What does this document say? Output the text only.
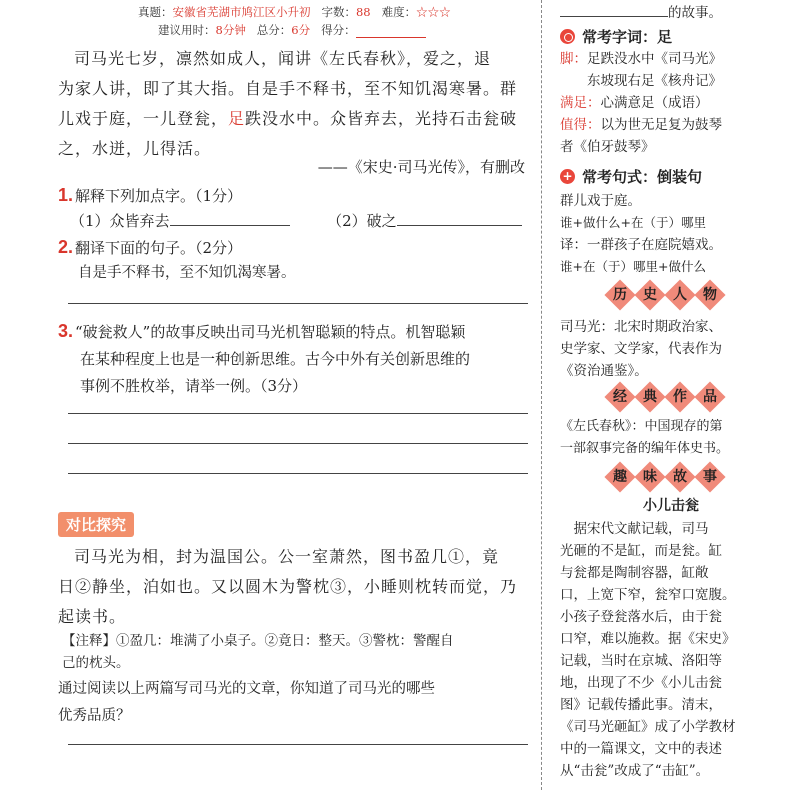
真题：安徽省芜湖市鸠江区小升初 字数：88 难度：☆☆☆
建议用时：8分钟 总分：6分 得分：
司马光七岁，凛然如成人，闻讲《左氏春秋》，爱之，退
为家人讲，即了其大指。自是手不释书，至不知饥渴寒暑。群
儿戏于庭，一儿登瓮，足跌没水中。众皆弃去，光持石击瓮破
之，水迸，儿得活。
——《宋史·司马光传》，有删改
1. 解释下列加点字。（1分）
（1）众皆弃去	（2）破之
2. 翻译下面的句子。（2分）
自是手不释书，至不知饥渴寒暑。
3. “破瓮救人”的故事反映出司马光机智聪颖的特点。机智聪颖
在某种程度上也是一种创新思维。古今中外有关创新思维的
事例不胜枚举，请举一例。（3分）
对比探究
司马光为相，封为温国公。公一室萧然，图书盈几①，竟
日②静坐，泊如也。又以圆木为警枕③，小睡则枕转而觉，乃
起读书。
【注释】①盈几：堆满了小桌子。②竟日：整天。③警枕：警醒自
己的枕头。
通过阅读以上两篇写司马光的文章，你知道了司马光的哪些
优秀品质？
的故事。
常考字词：足
脚：足跌没水中《司马光》
东坡现右足《核舟记》
满足：心满意足（成语）
值得：以为世无足复为鼓琴
者《伯牙鼓琴》
+ 常考句式：倒装句
群儿戏于庭。
谁+做什么+在（于）哪里
译：一群孩子在庭院嬉戏。
谁+在（于）哪里+做什么
历 史 人 物
司马光：北宋时期政治家、
史学家、文学家，代表作为
《资治通鉴》。
经 典 作 品
《左氏春秋》：中国现存的第
一部叙事完备的编年体史书。
趣 味 故 事
小儿击瓮
　据宋代文献记载，司马
光砸的不是缸，而是瓮。缸
与瓮都是陶制容器，缸敞
口，上宽下窄，瓮窄口宽腹。
小孩子登瓮落水后，由于瓮
口窄，难以施救。据《宋史》
记载，当时在京城、洛阳等
地，出现了不少《小儿击瓮
图》记载传播此事。清末，
《司马光砸缸》成了小学教材
中的一篇课文，文中的表述
从“击瓮”改成了“击缸”。
